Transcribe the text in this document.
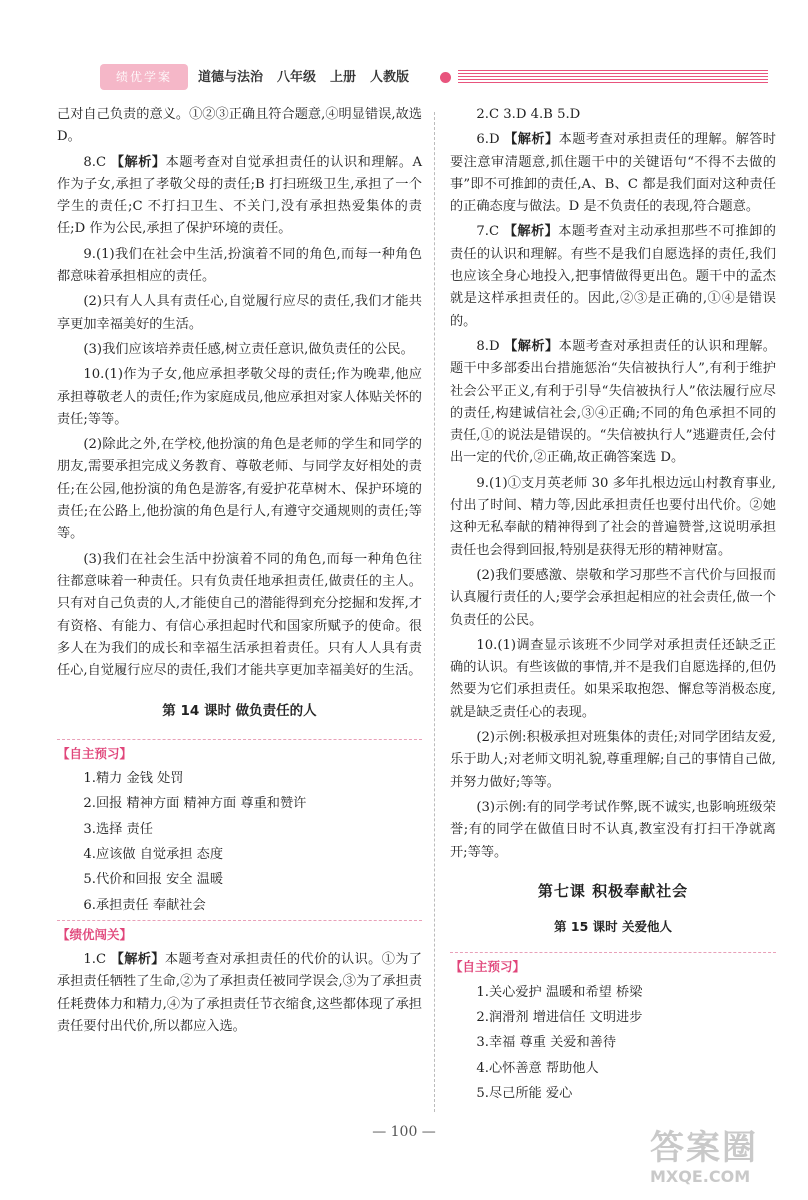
绩优学案	道德与法治 八年级 上册 人教版

己对自己负责的意义。①②③正确且符合题意,④明显错误,故选 D。

8.C 【解析】本题考查对自觉承担责任的认识和理解。A 作为子女,承担了孝敬父母的责任;B 打扫班级卫生,承担了一个学生的责任;C 不打扫卫生、不关门,没有承担热爱集体的责任;D 作为公民,承担了保护环境的责任。

9.(1)我们在社会中生活,扮演着不同的角色,而每一种角色都意味着承担相应的责任。

(2)只有人人具有责任心,自觉履行应尽的责任,我们才能共享更加幸福美好的生活。

(3)我们应该培养责任感,树立责任意识,做负责任的公民。

10.(1)作为子女,他应承担孝敬父母的责任;作为晚辈,他应承担尊敬老人的责任;作为家庭成员,他应承担对家人体贴关怀的责任;等等。

(2)除此之外,在学校,他扮演的角色是老师的学生和同学的朋友,需要承担完成义务教育、尊敬老师、与同学友好相处的责任;在公园,他扮演的角色是游客,有爱护花草树木、保护环境的责任;在公路上,他扮演的角色是行人,有遵守交通规则的责任;等等。

(3)我们在社会生活中扮演着不同的角色,而每一种角色往往都意味着一种责任。只有负责任地承担责任,做责任的主人。只有对自己负责的人,才能使自己的潜能得到充分挖掘和发挥,才有资格、有能力、有信心承担起时代和国家所赋予的使命。很多人在为我们的成长和幸福生活承担着责任。只有人人具有责任心,自觉履行应尽的责任,我们才能共享更加幸福美好的生活。

第 14 课时 做负责任的人
【自主预习】
1.精力 金钱 处罚
2.回报 精神方面 精神方面 尊重和赞许
3.选择 责任
4.应该做 自觉承担 态度
5.代价和回报 安全 温暖
6.承担责任 奉献社会
【绩优闯关】

1.C 【解析】本题考查对承担责任的代价的认识。①为了承担责任牺牲了生命,②为了承担责任被同学误会,③为了承担责任耗费体力和精力,④为了承担责任节衣缩食,这些都体现了承担责任要付出代价,所以都应入选。

2.C 3.D 4.B 5.D

6.D 【解析】本题考查对承担责任的理解。解答时要注意审清题意,抓住题干中的关键语句“不得不去做的事”即不可推卸的责任,A、B、C 都是我们面对这种责任的正确态度与做法。D 是不负责任的表现,符合题意。

7.C 【解析】本题考查对主动承担那些不可推卸的责任的认识和理解。有些不是我们自愿选择的责任,我们也应该全身心地投入,把事情做得更出色。题干中的孟杰就是这样承担责任的。因此,②③是正确的,①④是错误的。

8.D 【解析】本题考查对承担责任的认识和理解。题干中多部委出台措施惩治“失信被执行人”,有利于维护社会公平正义,有利于引导“失信被执行人”依法履行应尽的责任,构建诚信社会,③④正确;不同的角色承担不同的责任,①的说法是错误的。“失信被执行人”逃避责任,会付出一定的代价,②正确,故正确答案选 D。

9.(1)①支月英老师 30 多年扎根边远山村教育事业,付出了时间、精力等,因此承担责任也要付出代价。②她这种无私奉献的精神得到了社会的普遍赞誉,这说明承担责任也会得到回报,特别是获得无形的精神财富。

(2)我们要感激、崇敬和学习那些不言代价与回报而认真履行责任的人;要学会承担起相应的社会责任,做一个负责任的公民。

10.(1)调查显示该班不少同学对承担责任还缺乏正确的认识。有些该做的事情,并不是我们自愿选择的,但仍然要为它们承担责任。如果采取抱怨、懈怠等消极态度,就是缺乏责任心的表现。

(2)示例:积极承担对班集体的责任;对同学团结友爱,乐于助人;对老师文明礼貌,尊重理解;自己的事情自己做,并努力做好;等等。

(3)示例:有的同学考试作弊,既不诚实,也影响班级荣誉;有的同学在做值日时不认真,教室没有打扫干净就离开;等等。

第七课 积极奉献社会
第 15 课时 关爱他人
【自主预习】
1.关心爱护 温暖和希望 桥梁
2.润滑剂 增进信任 文明进步
3.幸福 尊重 关爱和善待
4.心怀善意 帮助他人
5.尽己所能 爱心
— 100 —	答案圈
MXQE.COM
